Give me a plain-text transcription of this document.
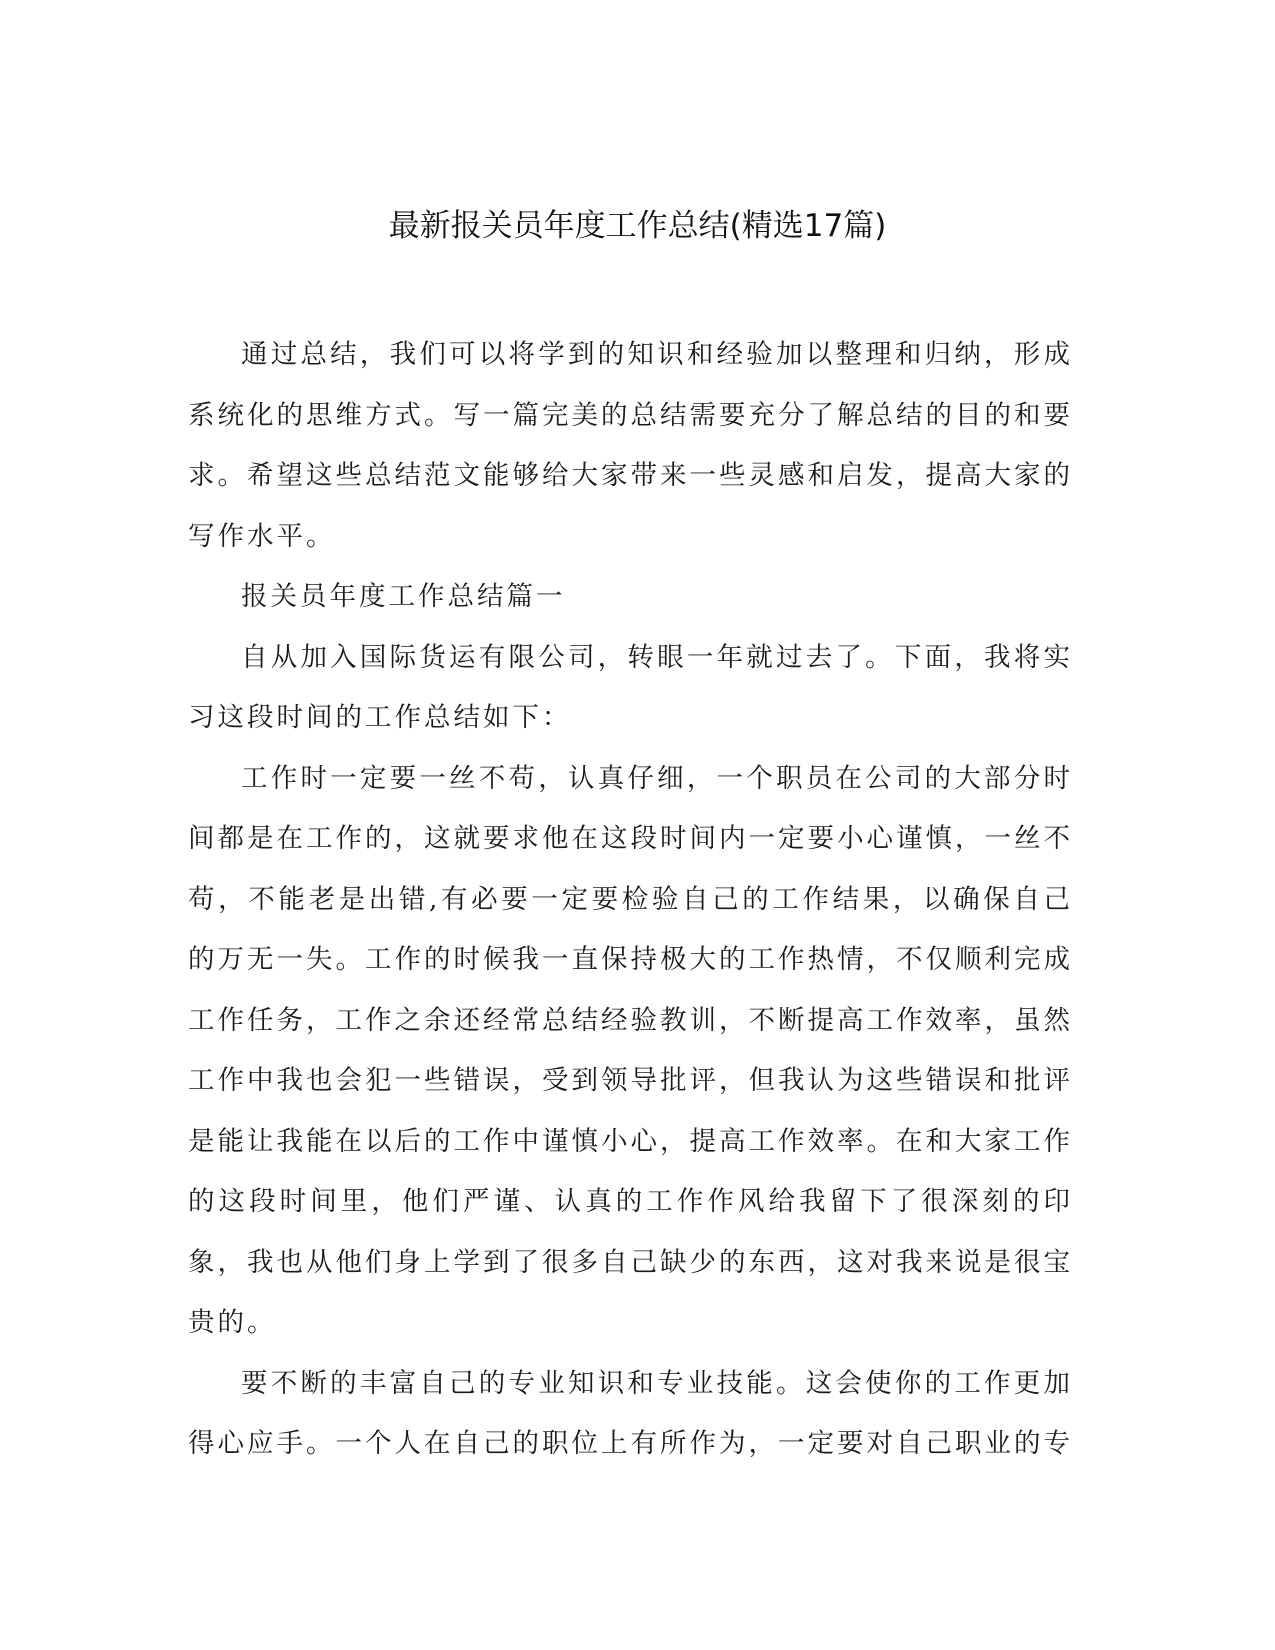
最新报关员年度工作总结(精选17篇)

通过总结，我们可以将学到的知识和经验加以整理和归纳，形成系统化的思维方式。写一篇完美的总结需要充分了解总结的目的和要求。希望这些总结范文能够给大家带来一些灵感和启发，提高大家的写作水平。

报关员年度工作总结篇一

自从加入国际货运有限公司，转眼一年就过去了。下面，我将实习这段时间的工作总结如下：

工作时一定要一丝不苟，认真仔细，一个职员在公司的大部分时间都是在工作的，这就要求他在这段时间内一定要小心谨慎，一丝不苟，不能老是出错,有必要一定要检验自己的工作结果，以确保自己的万无一失。工作的时候我一直保持极大的工作热情，不仅顺利完成工作任务，工作之余还经常总结经验教训，不断提高工作效率，虽然工作中我也会犯一些错误，受到领导批评，但我认为这些错误和批评是能让我能在以后的工作中谨慎小心，提高工作效率。在和大家工作的这段时间里，他们严谨、认真的工作作风给我留下了很深刻的印象，我也从他们身上学到了很多自己缺少的东西，这对我来说是很宝贵的。

要不断的丰富自己的专业知识和专业技能。这会使你的工作更加得心应手。一个人在自己的职位上有所作为，一定要对自己职业的专
